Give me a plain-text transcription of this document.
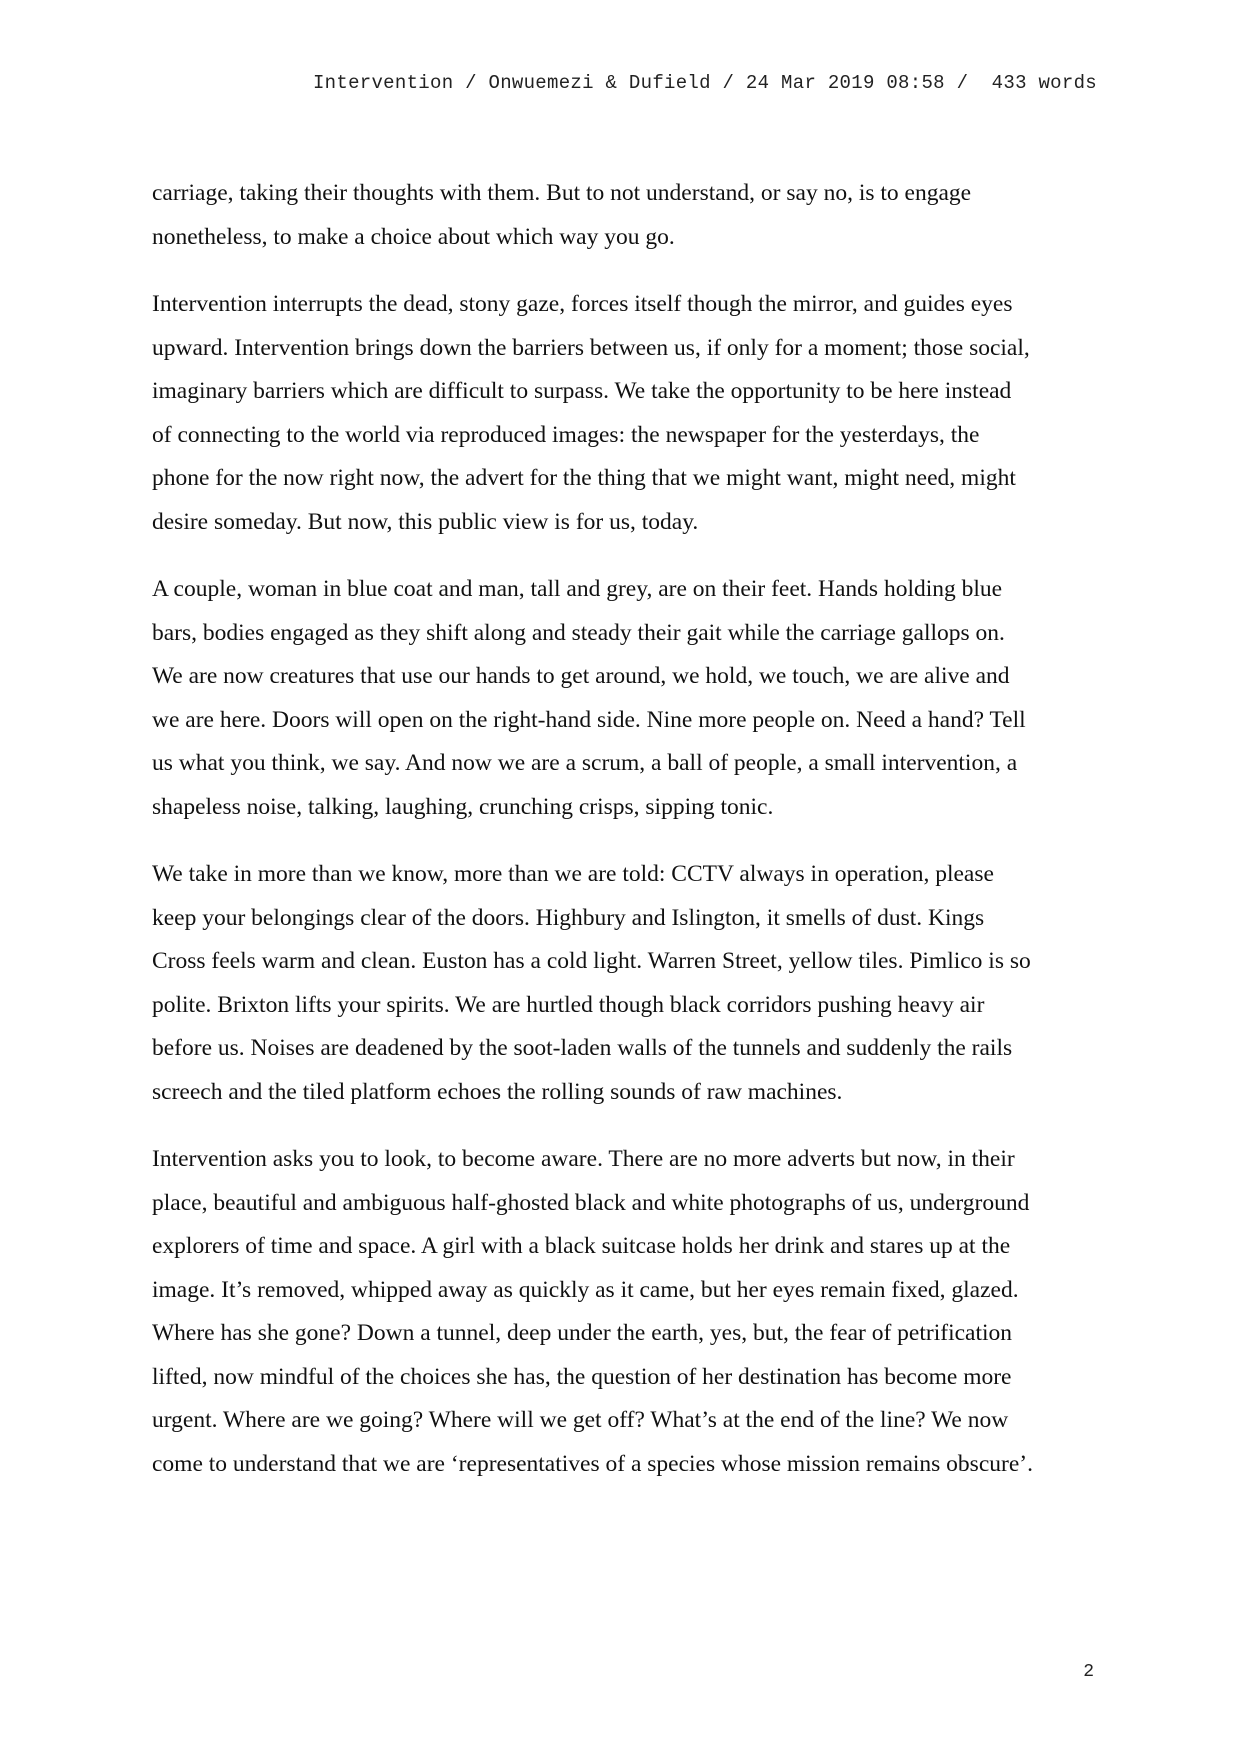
Intervention / Onwuemezi & Dufield / 24 Mar 2019 08:58 /  433 words

carriage, taking their thoughts with them. But to not understand, or say no, is to engage
nonetheless, to make a choice about which way you go.

Intervention interrupts the dead, stony gaze, forces itself though the mirror, and guides eyes
upward. Intervention brings down the barriers between us, if only for a moment; those social,
imaginary barriers which are difficult to surpass. We take the opportunity to be here instead
of connecting to the world via reproduced images: the newspaper for the yesterdays, the
phone for the now right now, the advert for the thing that we might want, might need, might
desire someday. But now, this public view is for us, today.

A couple, woman in blue coat and man, tall and grey, are on their feet. Hands holding blue
bars, bodies engaged as they shift along and steady their gait while the carriage gallops on.
We are now creatures that use our hands to get around, we hold, we touch, we are alive and
we are here. Doors will open on the right-hand side. Nine more people on. Need a hand? Tell
us what you think, we say. And now we are a scrum, a ball of people, a small intervention, a
shapeless noise, talking, laughing, crunching crisps, sipping tonic.

We take in more than we know, more than we are told: CCTV always in operation, please
keep your belongings clear of the doors. Highbury and Islington, it smells of dust. Kings
Cross feels warm and clean. Euston has a cold light. Warren Street, yellow tiles. Pimlico is so
polite. Brixton lifts your spirits. We are hurtled though black corridors pushing heavy air
before us. Noises are deadened by the soot-laden walls of the tunnels and suddenly the rails
screech and the tiled platform echoes the rolling sounds of raw machines.

Intervention asks you to look, to become aware. There are no more adverts but now, in their
place, beautiful and ambiguous half-ghosted black and white photographs of us, underground
explorers of time and space. A girl with a black suitcase holds her drink and stares up at the
image. It’s removed, whipped away as quickly as it came, but her eyes remain fixed, glazed.
Where has she gone? Down a tunnel, deep under the earth, yes, but, the fear of petrification
lifted, now mindful of the choices she has, the question of her destination has become more
urgent. Where are we going? Where will we get off? What’s at the end of the line? We now
come to understand that we are ‘representatives of a species whose mission remains obscure’.

2
